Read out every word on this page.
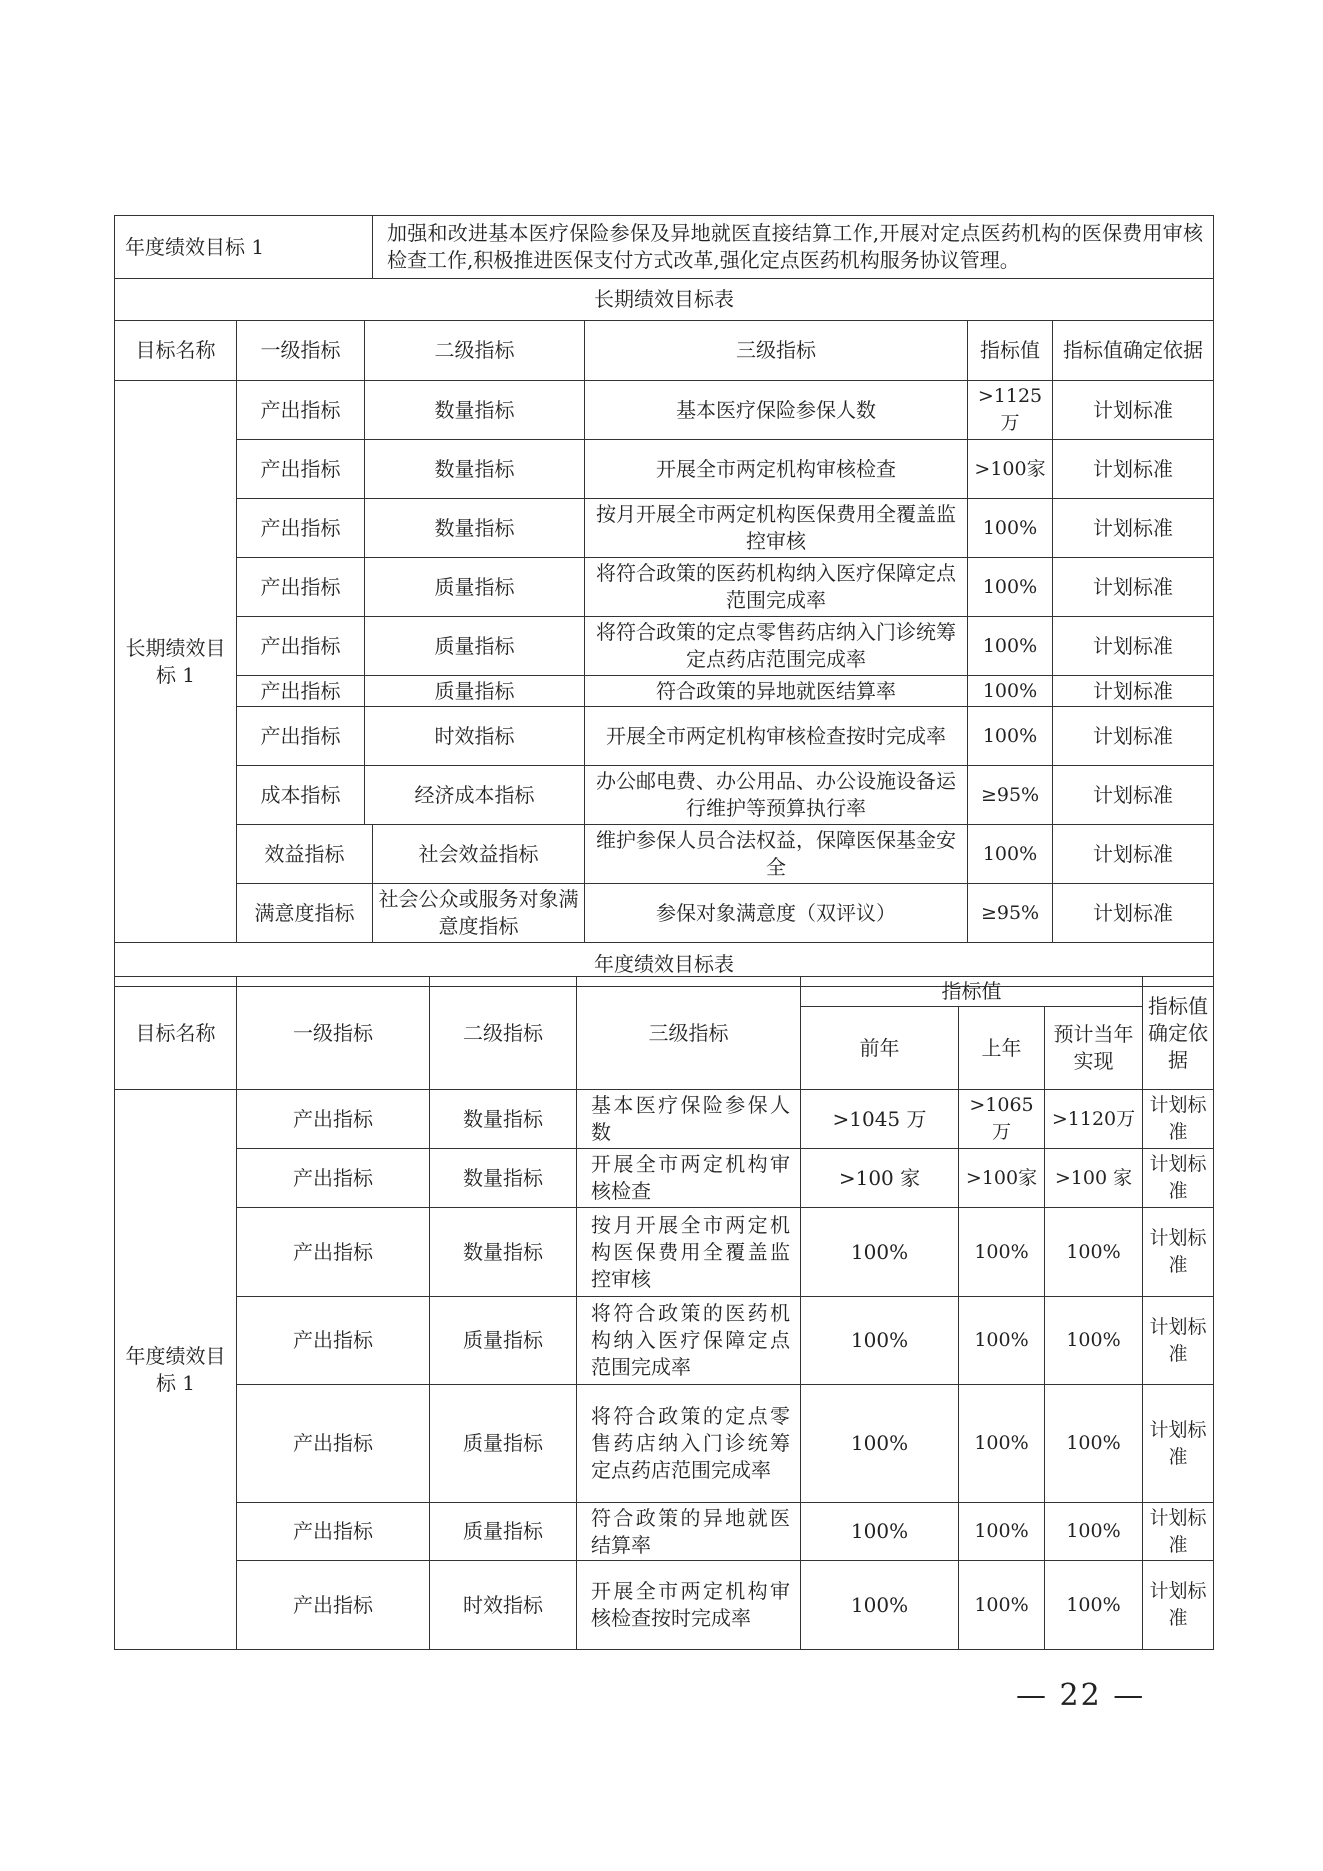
年度绩效目标 1			加强和改进基本医疗保险参保及异地就医直接结算工作,开展对定点医药机构的医保费用审核检查工作,积极推进医保支付方式改革,强化定点医药机构服务协议管理。			
长期绩效目标表						
目标名称	一级指标	二级指标		三级指标	指标值	指标值确定依据
长期绩效目标 1	产出指标	数量指标		基本医疗保险参保人数	>1125万	计划标准
	产出指标	数量指标		开展全市两定机构审核检查	>100家	计划标准
	产出指标	数量指标		按月开展全市两定机构医保费用全覆盖监控审核	100%	计划标准
	产出指标	质量指标		将符合政策的医药机构纳入医疗保障定点范围完成率	100%	计划标准
	产出指标	质量指标		将符合政策的定点零售药店纳入门诊统筹定点药店范围完成率	100%	计划标准
	产出指标	质量指标		符合政策的异地就医结算率	100%	计划标准
	产出指标	时效指标		开展全市两定机构审核检查按时完成率	100%	计划标准
	成本指标	经济成本指标		办公邮电费、办公用品、办公设施设备运行维护等预算执行率	≥95%	计划标准
	效益指标		社会效益指标	维护参保人员合法权益，保障医保基金安全	100%	计划标准
	满意度指标		社会公众或服务对象满意度指标	参保对象满意度（双评议）	≥95%	计划标准
年度绩效目标表						
目标名称	一级指标	二级指标	三级指标	指标值			指标值确定依据
				前年	上年	预计当年实现	
年度绩效目标 1	产出指标	数量指标	基本医疗保险参保人数	>1045 万	>1065万	>1120万	计划标准
	产出指标	数量指标	开展全市两定机构审核检查	>100 家	>100家	>100 家	计划标准
	产出指标	数量指标	按月开展全市两定机构医保费用全覆盖监控审核	100%	100%	100%	计划标准
	产出指标	质量指标	将符合政策的医药机构纳入医疗保障定点范围完成率	100%	100%	100%	计划标准
	产出指标	质量指标	将符合政策的定点零售药店纳入门诊统筹定点药店范围完成率	100%	100%	100%	计划标准
	产出指标	质量指标	符合政策的异地就医结算率	100%	100%	100%	计划标准
	产出指标	时效指标	开展全市两定机构审核检查按时完成率	100%	100%	100%	计划标准
— 22 —
